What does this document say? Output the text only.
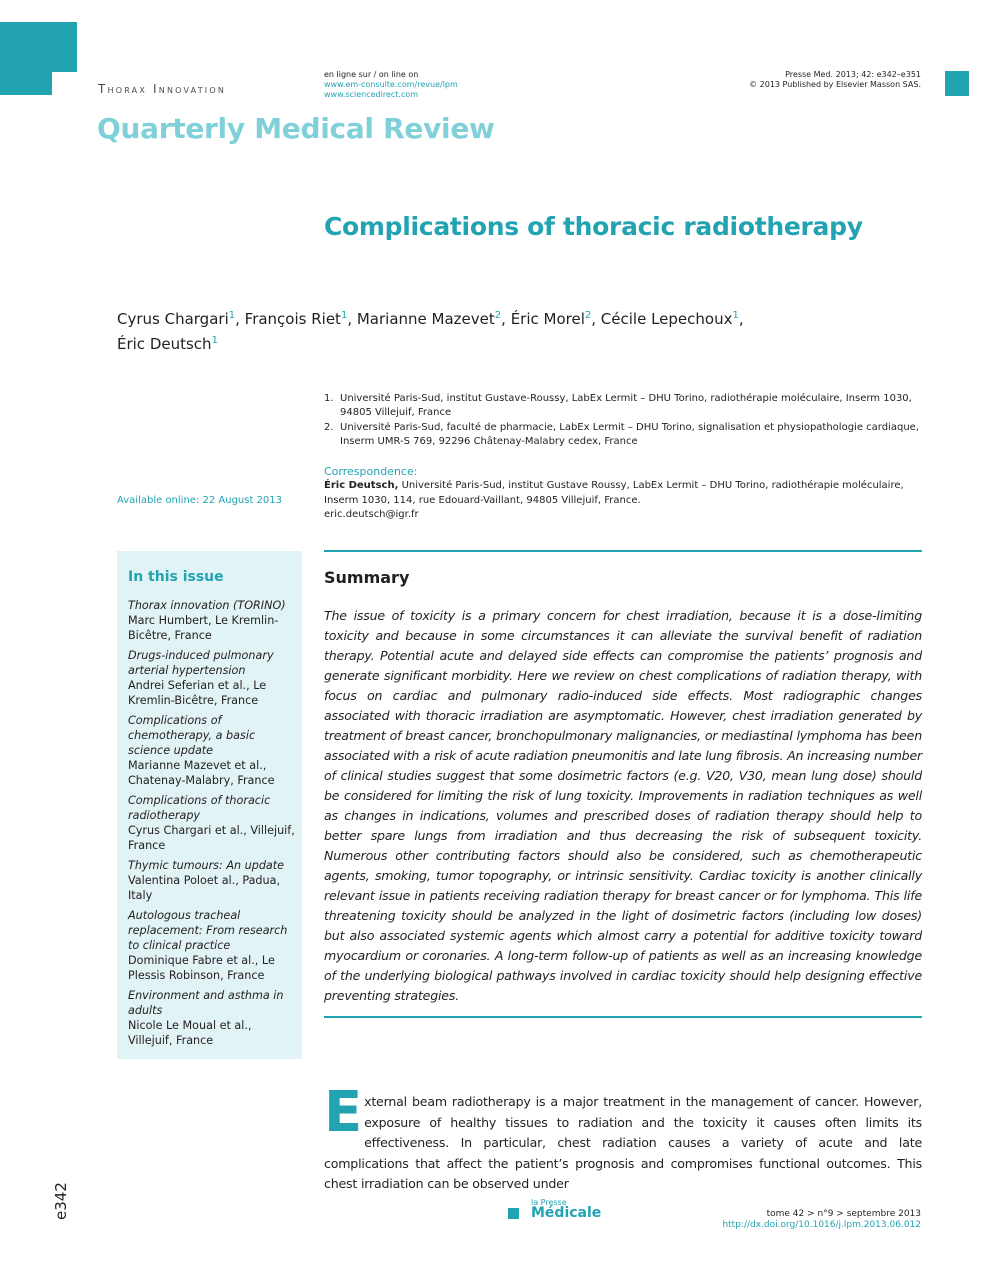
Thorax Innovation
Quarterly Medical Review
en ligne sur / on line on
www.em-consulte.com/revue/lpm
www.sciencedirect.com
Presse Med. 2013; 42: e342–e351
© 2013 Published by Elsevier Masson SAS.
Complications of thoracic radiotherapy
Cyrus Chargari$^1$, François Riet$^1$, Marianne Mazevet$^2$, Éric Morel$^2$, Cécile Lepechoux$^1$,
Éric Deutsch$^1$

1. Université Paris-Sud, institut Gustave-Roussy, LabEx Lermit – DHU Torino, radiothérapie moléculaire, Inserm 1030, 94805 Villejuif, France

2. Université Paris-Sud, faculté de pharmacie, LabEx Lermit – DHU Torino, signalisation et physiopathologie cardiaque, Inserm UMR-S 769, 92296 Châtenay-Malabry cedex, France

Correspondence:
Éric Deutsch, Université Paris-Sud, institut Gustave Roussy, LabEx Lermit – DHU Torino, radiothérapie moléculaire, Inserm 1030, 114, rue Edouard-Vaillant, 94805 Villejuif, France.
eric.deutsch@igr.fr
Available online: 22 August 2013
In this issue
Thorax innovation (TORINO)
Marc Humbert, Le Kremlin-Bicêtre, France
Drugs-induced pulmonary arterial hypertension
Andrei Seferian et al., Le Kremlin-Bicêtre, France
Complications of chemotherapy, a basic science update
Marianne Mazevet et al., Chatenay-Malabry, France
Complications of thoracic radiotherapy
Cyrus Chargari et al., Villejuif, France
Thymic tumours: An update
Valentina Poloet al., Padua, Italy
Autologous tracheal replacement: From research to clinical practice
Dominique Fabre et al., Le Plessis Robinson, France
Environment and asthma in adults
Nicole Le Moual et al., Villejuif, France
Summary
The issue of toxicity is a primary concern for chest irradiation, because it is a dose-limiting toxicity and because in some circumstances it can alleviate the survival benefit of radiation therapy. Potential acute and delayed side effects can compromise the patients’ prognosis and generate significant morbidity. Here we review on chest complications of radiation therapy, with focus on cardiac and pulmonary radio-induced side effects. Most radiographic changes associated with thoracic irradiation are asymptomatic. However, chest irradiation generated by treatment of breast cancer, bronchopulmonary malignancies, or mediastinal lymphoma has been associated with a risk of acute radiation pneumonitis and late lung fibrosis. An increasing number of clinical studies suggest that some dosimetric factors (e.g. V20, V30, mean lung dose) should be considered for limiting the risk of lung toxicity. Improvements in radiation techniques as well as changes in indications, volumes and prescribed doses of radiation therapy should help to better spare lungs from irradiation and thus decreasing the risk of subsequent toxicity. Numerous other contributing factors should also be considered, such as chemotherapeutic agents, smoking, tumor topography, or intrinsic sensitivity. Cardiac toxicity is another clinically relevant issue in patients receiving radiation therapy for breast cancer or for lymphoma. This life threatening toxicity should be analyzed in the light of dosimetric factors (including low doses) but also associated systemic agents which almost carry a potential for additive toxicity toward myocardium or coronaries. A long-term follow-up of patients as well as an increasing knowledge of the underlying biological pathways involved in cardiac toxicity should help designing effective preventing strategies.
External beam radiotherapy is a major treatment in the management of cancer. However, exposure of healthy tissues to radiation and the toxicity it causes often limits its effectiveness. In particular, chest radiation causes a variety of acute and late complications that affect the patient’s prognosis and compromises functional outcomes. This chest irradiation can be observed under
e342	la Presse
Médicale	tome 42 > n°9 > septembre 2013
http://dx.doi.org/10.1016/j.lpm.2013.06.012
